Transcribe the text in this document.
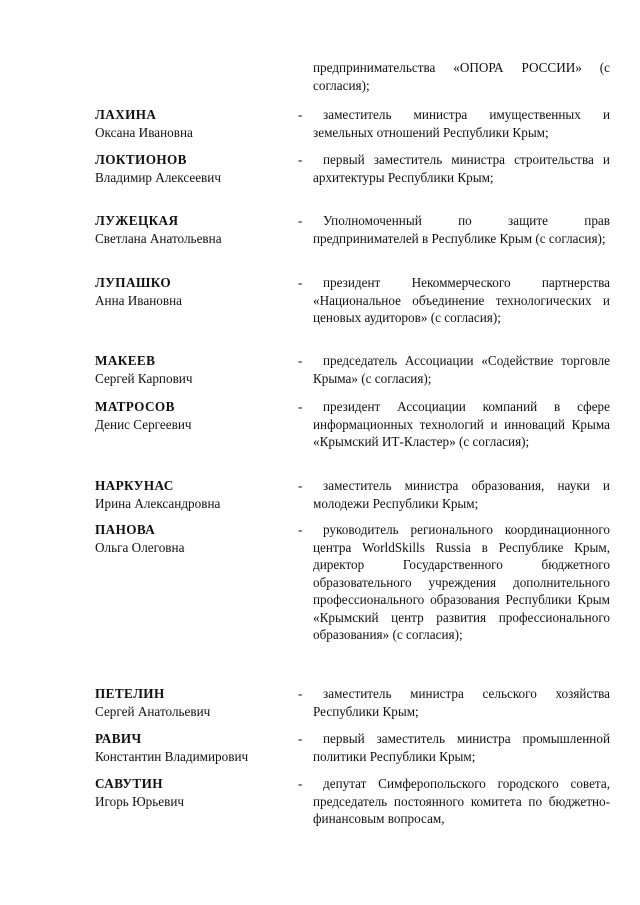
предпринимательства «ОПОРА РОССИИ» (с согласия);
ЛАХИНА
Оксана Ивановна
-	заместитель министра имущественных и земельных отношений Республики Крым;
ЛОКТИОНОВ
Владимир Алексеевич
-	первый заместитель министра строительства и архитектуры Республики Крым;
ЛУЖЕЦКАЯ
Светлана Анатольевна
-	Уполномоченный по защите прав предпринимателей в Республике Крым (с согласия);
ЛУПАШКО
Анна Ивановна
-	президент Некоммерческого партнерства «Национальное объединение технологических и ценовых аудиторов» (с согласия);
МАКЕЕВ
Сергей Карпович
-	председатель Ассоциации «Содействие торговле Крыма» (с согласия);
МАТРОСОВ
Денис Сергеевич
-	президент Ассоциации компаний в сфере информационных технологий и инноваций Крыма «Крымский ИТ-Кластер» (с согласия);
НАРКУНАС
Ирина Александровна
-	заместитель министра образования, науки и молодежи Республики Крым;
ПАНОВА
Ольга Олеговна
-	руководитель регионального координационного центра WorldSkills Russia в Республике Крым, директор Государственного бюджетного образовательного учреждения дополнительного профессионального образования Республики Крым «Крымский центр развития профессионального образования» (с согласия);
ПЕТЕЛИН
Сергей Анатольевич
-	заместитель министра сельского хозяйства Республики Крым;
РАВИЧ
Константин Владимирович
-	первый заместитель министра промышленной политики Республики Крым;
САВУТИН
Игорь Юрьевич
-	депутат Симферопольского городского совета, председатель постоянного комитета по бюджетно-финансовым вопросам,
